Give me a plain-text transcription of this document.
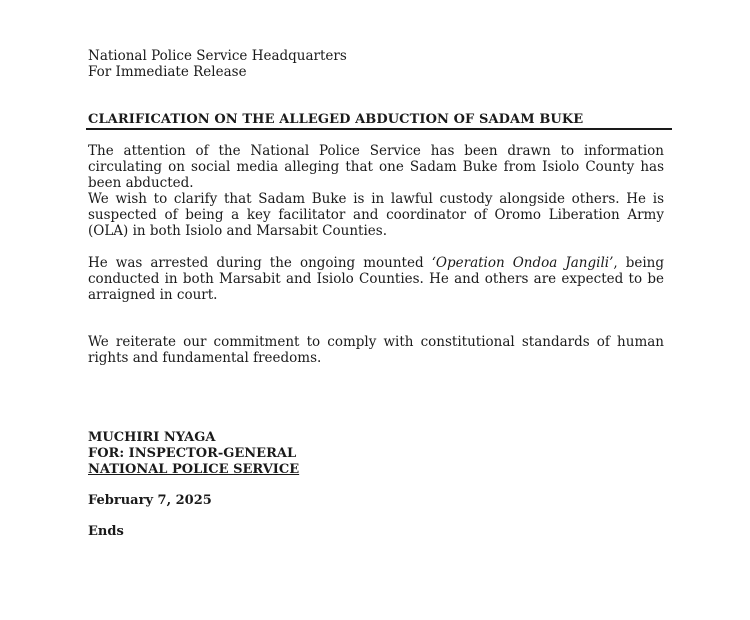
National Police Service Headquarters
For Immediate Release
CLARIFICATION ON THE ALLEGED ABDUCTION OF SADAM BUKE
The attention of the National Police Service has been drawn to information circulating on social media alleging that one Sadam Buke from Isiolo County has been abducted.
We wish to clarify that Sadam Buke is in lawful custody alongside others. He is suspected of being a key facilitator and coordinator of Oromo Liberation Army (OLA) in both Isiolo and Marsabit Counties.
He was arrested during the ongoing mounted ‘Operation Ondoa Jangili’, being conducted in both Marsabit and Isiolo Counties. He and others are expected to be arraigned in court.
We reiterate our commitment to comply with constitutional standards of human rights and fundamental freedoms.
MUCHIRI NYAGA
FOR: INSPECTOR-GENERAL
NATIONAL POLICE SERVICE
February 7, 2025
Ends
